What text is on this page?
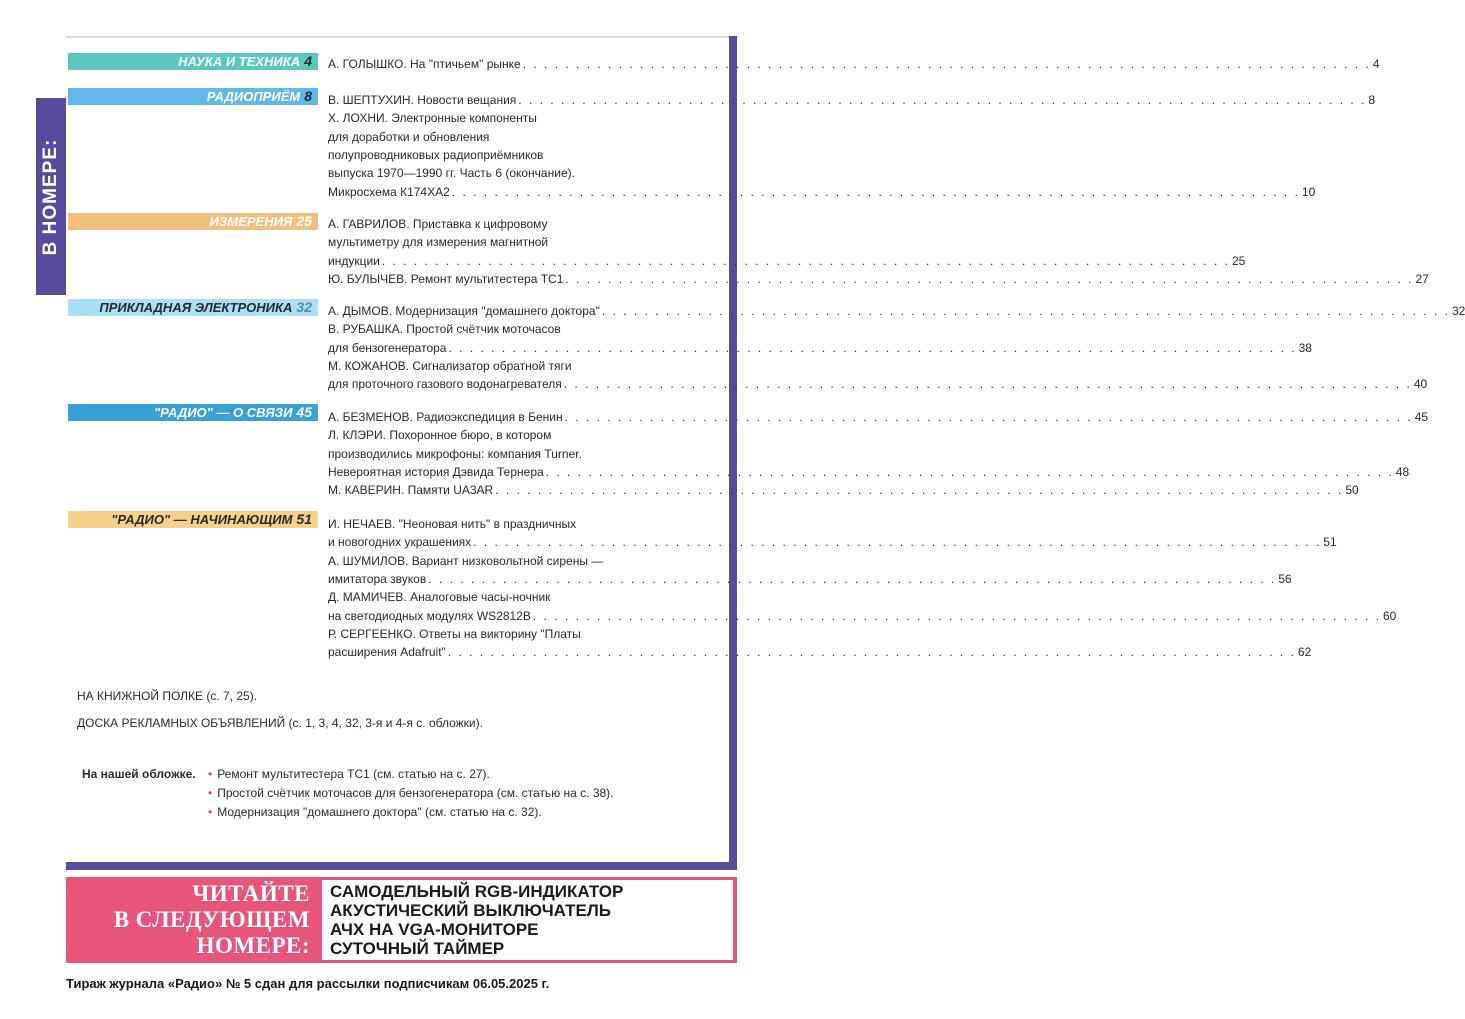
В НОМЕРЕ:
НАУКА И ТЕХНИКА 4	А. ГОЛЫШКО. На "птичьем" рынке . . . . . . . . . . . . . . . . . . . . . . . . . . . . . . . . . . . . . . . . . . . . . . . . . . . . . . . . . . . . . . . . . . . . . . . . . . . . . . . . 4
РАДИОПРИЁМ 8	В. ШЕПТУХИН. Новости вещания . . . . . . . . . . . . . . . . . . . . . . . . . . . . . . . . . . . . . . . . . . . . . . . . . . . . . . . . . . . . . . . . . . . . . . . . . . . . . . . . 8
Х. ЛОХНИ. Электронные компоненты
для доработки и обновления
полупроводниковых радиоприёмников
выпуска 1970—1990 гг. Часть 6 (окончание).
Микросхема К174ХА2 . . . . . . . . . . . . . . . . . . . . . . . . . . . . . . . . . . . . . . . . . . . . . . . . . . . . . . . . . . . . . . . . . . . . . . . . . . . . . . . . 10
ИЗМЕРЕНИЯ 25	А. ГАВРИЛОВ. Приставка к цифровому
мультиметру для измерения магнитной
индукции . . . . . . . . . . . . . . . . . . . . . . . . . . . . . . . . . . . . . . . . . . . . . . . . . . . . . . . . . . . . . . . . . . . . . . . . . . . . . . . . 25
Ю. БУЛЫЧЕВ. Ремонт мультитестера ТС1 . . . . . . . . . . . . . . . . . . . . . . . . . . . . . . . . . . . . . . . . . . . . . . . . . . . . . . . . . . . . . . . . . . . . . . . . . . . . . . . . 27
ПРИКЛАДНАЯ ЭЛЕКТРОНИКА 32	А. ДЫМОВ. Модернизация "домашнего доктора" . . . . . . . . . . . . . . . . . . . . . . . . . . . . . . . . . . . . . . . . . . . . . . . . . . . . . . . . . . . . . . . . . . . . . . . . . . . . . . . . 32
В. РУБАШКА. Простой счётчик моточасов
для бензогенератора . . . . . . . . . . . . . . . . . . . . . . . . . . . . . . . . . . . . . . . . . . . . . . . . . . . . . . . . . . . . . . . . . . . . . . . . . . . . . . . . 38
М. КОЖАНОВ. Сигнализатор обратной тяги
для проточного газового водонагревателя . . . . . . . . . . . . . . . . . . . . . . . . . . . . . . . . . . . . . . . . . . . . . . . . . . . . . . . . . . . . . . . . . . . . . . . . . . . . . . . . 40
"РАДИО" — О СВЯЗИ 45	А. БЕЗМЕНОВ. Радиоэкспедиция в Бенин . . . . . . . . . . . . . . . . . . . . . . . . . . . . . . . . . . . . . . . . . . . . . . . . . . . . . . . . . . . . . . . . . . . . . . . . . . . . . . . . 45
Л. КЛЭРИ. Похоронное бюро, в котором
производились микрофоны: компания Turner.
Невероятная история Дэвида Тернера . . . . . . . . . . . . . . . . . . . . . . . . . . . . . . . . . . . . . . . . . . . . . . . . . . . . . . . . . . . . . . . . . . . . . . . . . . . . . . . . 48
М. КАВЕРИН. Памяти UA3AR . . . . . . . . . . . . . . . . . . . . . . . . . . . . . . . . . . . . . . . . . . . . . . . . . . . . . . . . . . . . . . . . . . . . . . . . . . . . . . . . 50
"РАДИО" — НАЧИНАЮЩИМ 51	И. НЕЧАЕВ. "Неоновая нить" в праздничных
и новогодних украшениях . . . . . . . . . . . . . . . . . . . . . . . . . . . . . . . . . . . . . . . . . . . . . . . . . . . . . . . . . . . . . . . . . . . . . . . . . . . . . . . . 51
А. ШУМИЛОВ. Вариант низковольтной сирены —
имитатора звуков . . . . . . . . . . . . . . . . . . . . . . . . . . . . . . . . . . . . . . . . . . . . . . . . . . . . . . . . . . . . . . . . . . . . . . . . . . . . . . . . 56
Д. МАМИЧЕВ. Аналоговые часы-ночник
на светодиодных модулях WS2812B . . . . . . . . . . . . . . . . . . . . . . . . . . . . . . . . . . . . . . . . . . . . . . . . . . . . . . . . . . . . . . . . . . . . . . . . . . . . . . . . 60
Р. СЕРГЕЕНКО. Ответы на викторину "Платы
расширения Adafruit" . . . . . . . . . . . . . . . . . . . . . . . . . . . . . . . . . . . . . . . . . . . . . . . . . . . . . . . . . . . . . . . . . . . . . . . . . . . . . . . . 62
НА КНИЖНОЙ ПОЛКЕ (с. 7, 25).
ДОСКА РЕКЛАМНЫХ ОБЪЯВЛЕНИЙ (с. 1, 3, 4, 32, 3-я и 4-я с. обложки).
На нашей обложке. • Ремонт мультитестера ТС1 (см. статью на с. 27).
• Простой счётчик моточасов для бензогенератора (см. статью на с. 38).
• Модернизация "домашнего доктора" (см. статью на с. 32).
ЧИТАЙТЕ
В СЛЕДУЮЩЕМ
НОМЕРЕ:
САМОДЕЛЬНЫЙ RGB-ИНДИКАТОР
АКУСТИЧЕСКИЙ ВЫКЛЮЧАТЕЛЬ
АЧХ НА VGA-МОНИТОРЕ
СУТОЧНЫЙ ТАЙМЕР
Тираж журнала «Радио» № 5 сдан для рассылки подписчикам 06.05.2025 г.
